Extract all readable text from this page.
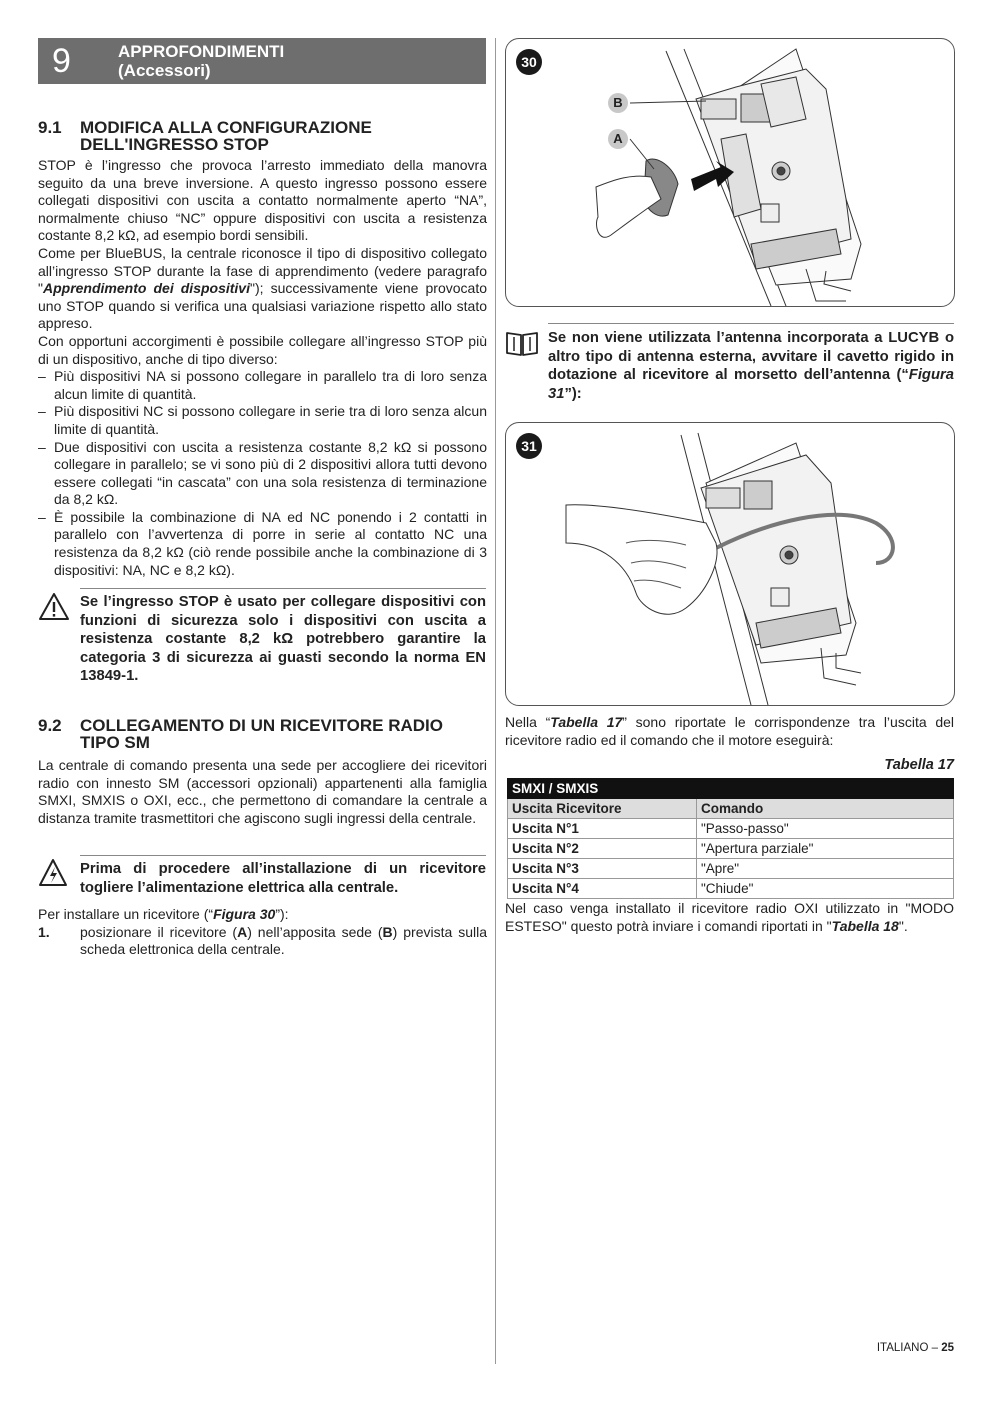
9	APPROFONDIMENTI
(Accessori)
9.1 MODIFICA ALLA CONFIGURAZIONE
DELL'INGRESSO STOP
STOP è l’ingresso che provoca l’arresto immediato della manovra seguito da una breve inversione. A questo ingresso possono essere collegati dispositivi con uscita a contatto normalmente aperto “NA”, normalmente chiuso “NC” oppure dispositivi con uscita a resistenza costante 8,2 kΩ, ad esempio bordi sensibili.
Come per BlueBUS, la centrale riconosce il tipo di dispositivo collegato all’ingresso STOP durante la fase di apprendimento (vedere paragrafo "Apprendimento dei dispositivi"); successivamente viene provocato uno STOP quando si verifica una qualsiasi variazione rispetto allo stato appreso.
Con opportuni accorgimenti è possibile collegare all’ingresso STOP più di un dispositivo, anche di tipo diverso:
– Più dispositivi NA si possono collegare in parallelo tra di loro senza alcun limite di quantità.
– Più dispositivi NC si possono collegare in serie tra di loro senza alcun limite di quantità.
– Due dispositivi con uscita a resistenza costante 8,2 kΩ si possono collegare in parallelo; se vi sono più di 2 dispositivi allora tutti devono essere collegati “in cascata” con una sola resistenza di terminazione da 8,2 kΩ.
– È possibile la combinazione di NA ed NC ponendo i 2 contatti in parallelo con l’avvertenza di porre in serie al contatto NC una resistenza da 8,2 kΩ (ciò rende possibile anche la combinazione di 3 dispositivi: NA, NC e 8,2 kΩ).
Se l’ingresso STOP è usato per collegare dispositivi con funzioni di sicurezza solo i dispositivi con uscita a resistenza costante 8,2 kΩ potrebbero garantire la categoria 3 di sicurezza ai guasti secondo la norma EN 13849-1.
9.2 COLLEGAMENTO DI UN RICEVITORE RADIO
TIPO SM
La centrale di comando presenta una sede per accogliere dei ricevitori radio con innesto SM (accessori opzionali) appartenenti alla famiglia SMXI, SMXIS o OXI, ecc., che permettono di comandare la centrale a distanza tramite trasmettitori che agiscono sugli ingressi della centrale.
Prima di procedere all’installazione di un ricevitore togliere l’alimentazione elettrica alla centrale.
Per installare un ricevitore (“Figura 30”):
1. posizionare il ricevitore (A) nell’apposita sede (B) prevista sulla scheda elettronica della centrale.
30
B
A
Se non viene utilizzata l’antenna incorporata a LUCYB o altro tipo di antenna esterna, avvitare il cavetto rigido in dotazione al ricevitore al morsetto dell’antenna (“Figura 31”):
31
Nella “Tabella 17” sono riportate le corrispondenze tra l’uscita del ricevitore radio ed il comando che il motore eseguirà:
Tabella 17
SMXI / SMXIS	
Uscita Ricevitore	Comando
Uscita N°1	"Passo-passo"
Uscita N°2	"Apertura parziale"
Uscita N°3	"Apre"
Uscita N°4	"Chiude"
Nel caso venga installato il ricevitore radio OXI utilizzato in "MODO ESTESO" questo potrà inviare i comandi riportati in "Tabella 18".
ITALIANO – 25
